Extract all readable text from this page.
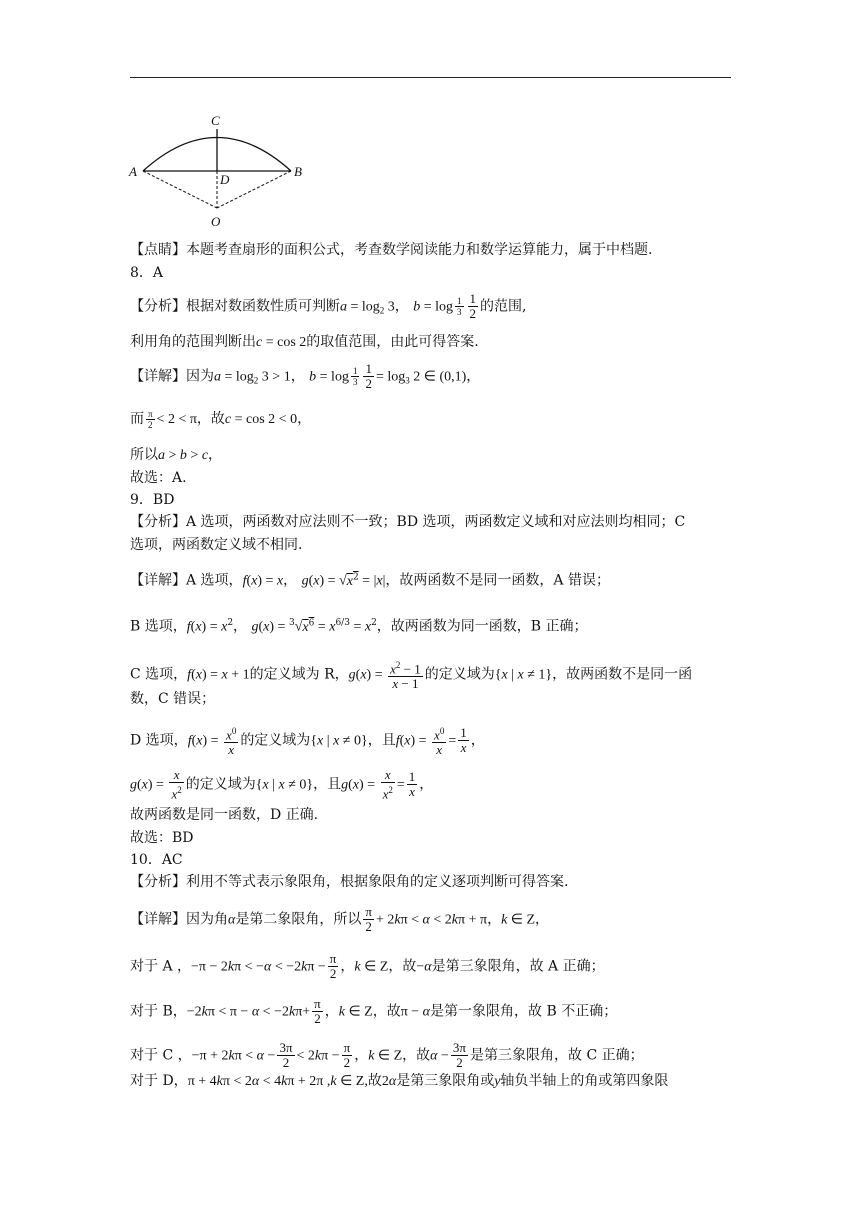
C
A	B
D
O
【点睛】本题考查扇形的面积公式，考查数学阅读能力和数学运算能力，属于中档题.
8．A
【分析】根据对数函数性质可判断$a = \log_2 3$， $b = \log \frac{1}{3} \frac{1}{2}$ 的范围,
利用角的范围判断出c = cos 2的取值范围，由此可得答案.
【详解】因为$a = \log_2 3 > 1$， $b = \log \frac{1}{3} \frac{1}{2} = \log_3 2$ ∈ (0,1)，
而 $\frac{\pi}{2} < 2 < \pi$，故c = cos 2 < 0，
所以a > b > c，
故选：A.
9．BD
【分析】A 选项，两函数对应法则不一致；BD 选项，两函数定义域和对应法则均相同；C
选项，两函数定义域不相同.
【详解】A 选项，f(x) = x， $g(x) = √x^2 = |x|$，故两函数不是同一函数，A 错误；
B 选项，$f(x) = x^2$， $g(x) = ^3√x^6 = x^{6/3} = x^2$，故两函数为同一函数，B 正确；
C 选项，f(x) = x + 1的定义域为 R，$g(x) = \frac{x^2 - 1}{x - 1}$ 的定义域为{x | x ≠ 1}，故两函数不是同一函
数，C 错误；
D 选项，$f(x) = \frac{x^0}{x}$ 的定义域为{x | x ≠ 0}，且$f(x) = \frac{x^0}{x} = \frac{1}{x}$ ，
$g(x) = \frac{x}{x^2}$ 的定义域为{x | x ≠ 0}，且$g(x) = \frac{x}{x^2} = \frac{1}{x}$ ，
故两函数是同一函数，D 正确.
故选：BD
10．AC
【分析】利用不等式表示象限角，根据象限角的定义逐项判断可得答案.
【详解】因为角α是第二象限角，所以 $\frac{\pi}{2} + 2k\pi < \alpha < 2k\pi + \pi$，k ∈ Z，
对于 A ，$-\pi - 2k\pi < -\alpha < -2k\pi - \frac{\pi}{2}$ ，k ∈ Z，故−α是第三象限角，故 A 正确；
对于 B，$-2k\pi < \pi - \alpha < -2k\pi+ \frac{\pi}{2}$ ，k ∈ Z，故π − α是第一象限角，故 B 不正确；
对于 C ，$-\pi + 2k\pi < \alpha - \frac{3\pi}{2} < 2k\pi - \frac{\pi}{2}$ ，k ∈ Z，故$\alpha - \frac{3\pi}{2}$ 是第三象限角，故 C 正确；
对于 D，π + 4kπ < 2α < 4kπ + 2π ,k ∈ Z,故2α是第三象限角或y轴负半轴上的角或第四象限
